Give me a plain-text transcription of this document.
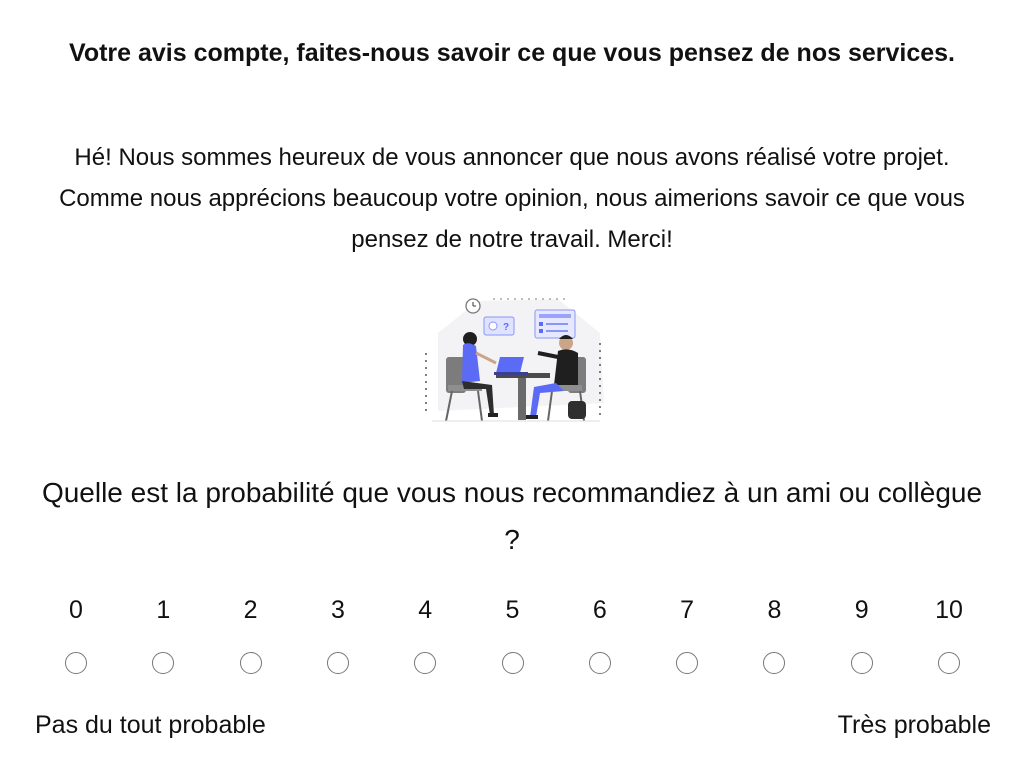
Votre avis compte, faites-nous savoir ce que vous pensez de nos services.
Hé! Nous sommes heureux de vous annoncer que nous avons réalisé votre projet. Comme nous apprécions beaucoup votre opinion, nous aimerions savoir ce que vous pensez de notre travail. Merci!
?
Quelle est la probabilité que vous nous recommandiez à un ami ou collègue ?
0	1	2	3	4	5	6	7	8	9	10
Pas du tout probable	Très probable
